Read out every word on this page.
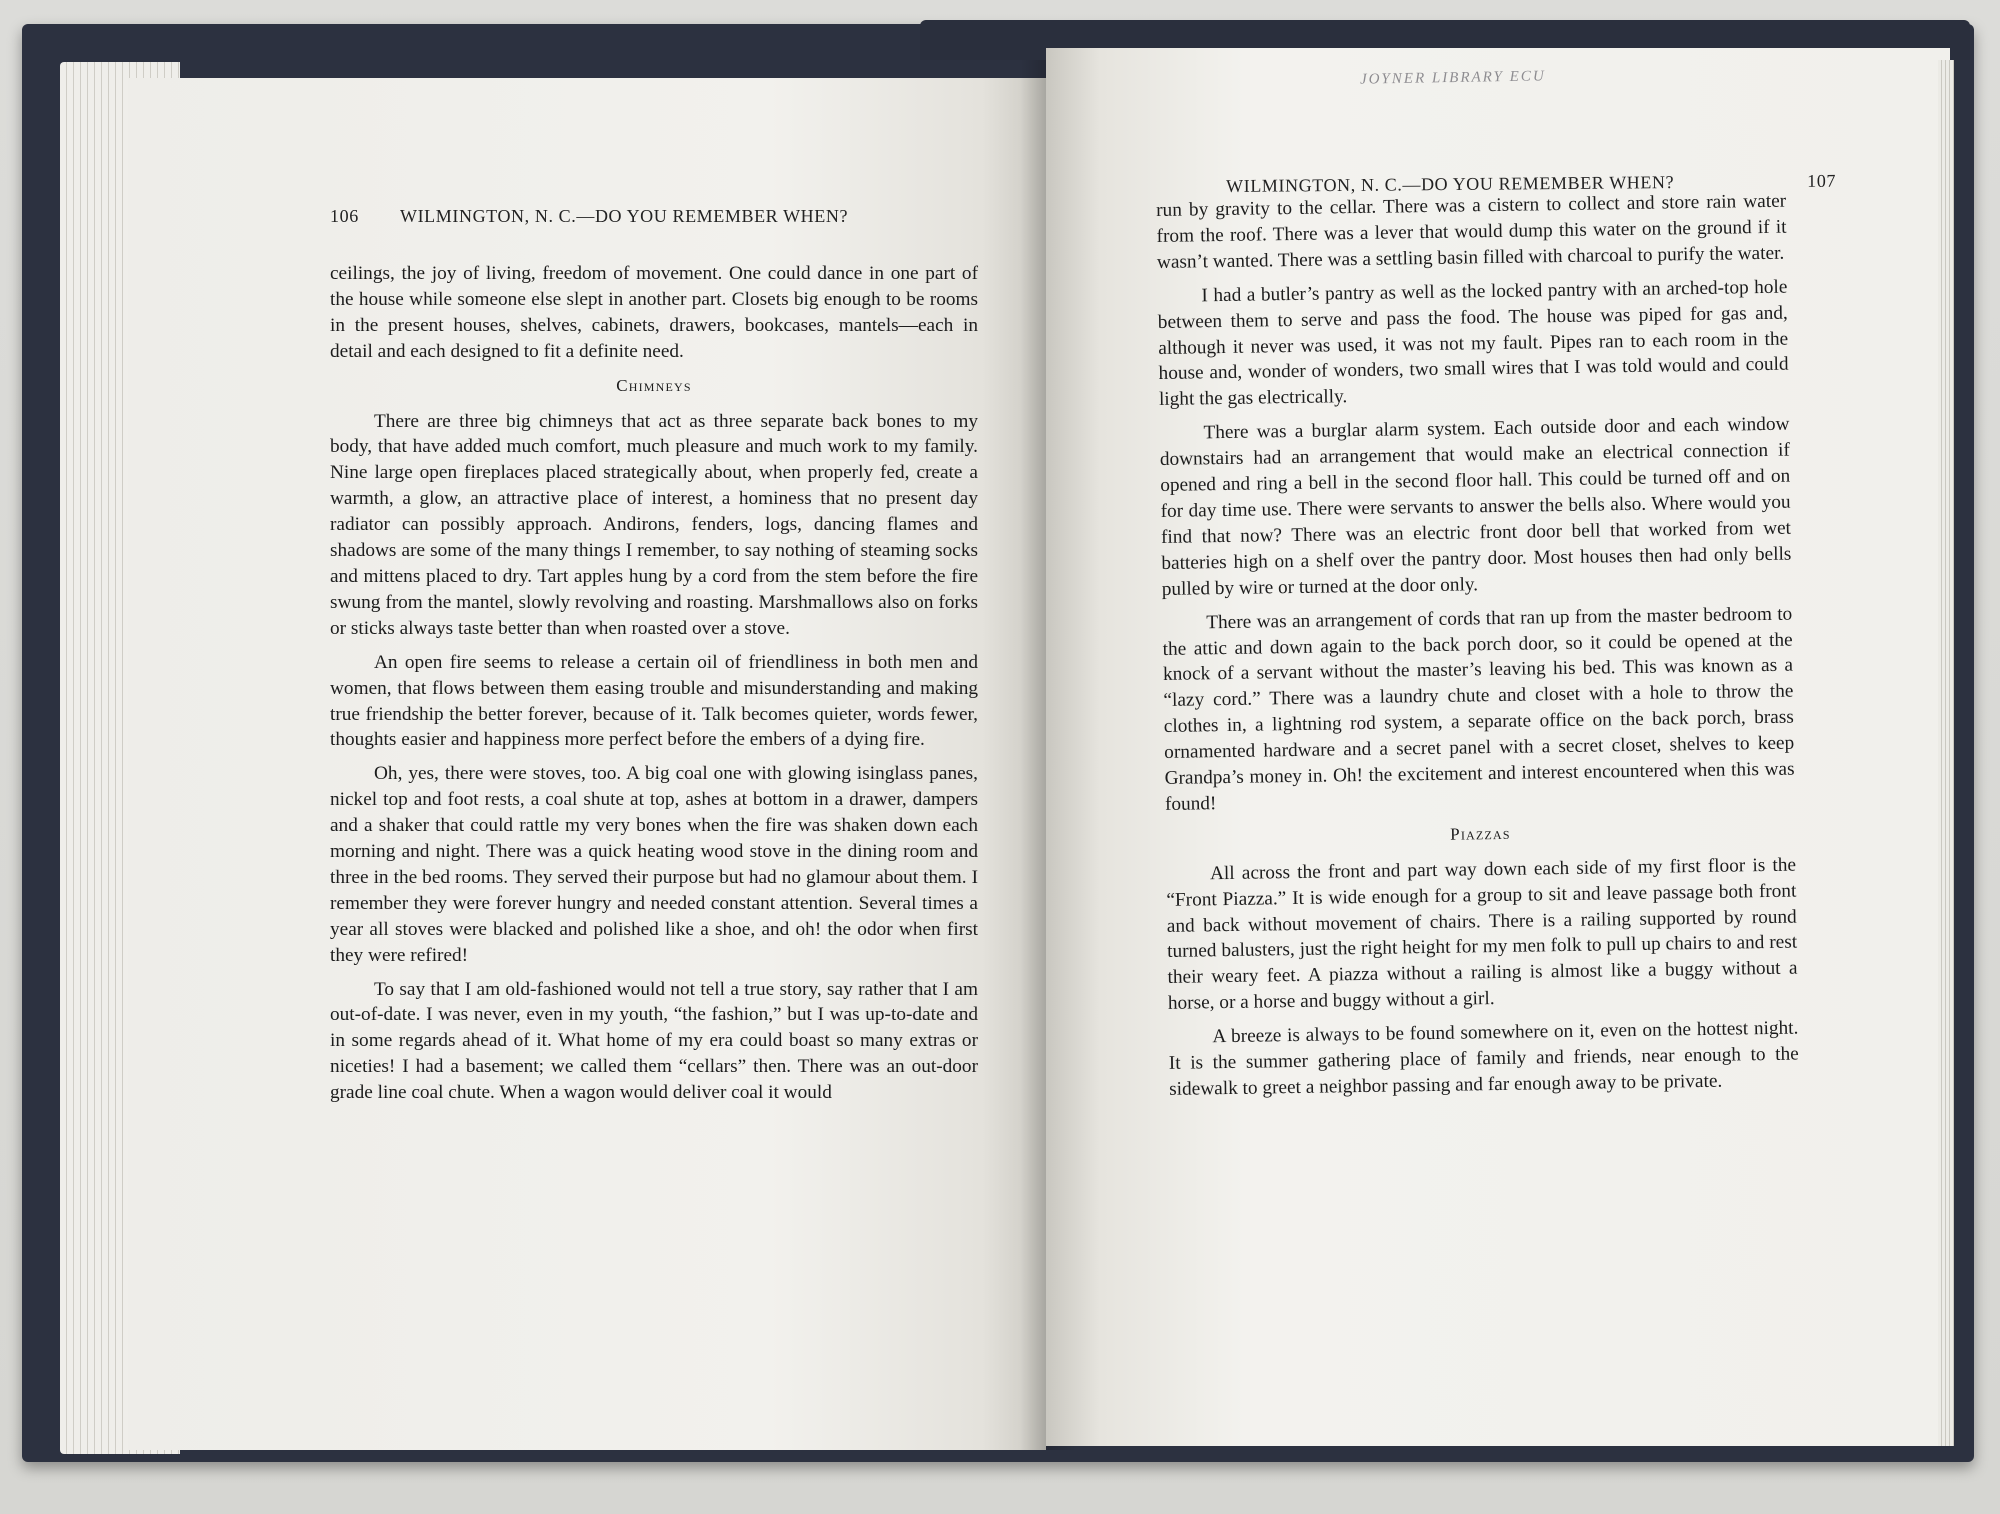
106 WILMINGTON, N. C.—DO YOU REMEMBER WHEN?

ceilings, the joy of living, freedom of movement. One could dance in one part of the house while someone else slept in another part. Closets big enough to be rooms in the present houses, shelves, cabinets, drawers, bookcases, mantels—each in detail and each designed to fit a definite need.

Chimneys

There are three big chimneys that act as three separate back bones to my body, that have added much comfort, much pleasure and much work to my family. Nine large open fireplaces placed strategically about, when properly fed, create a warmth, a glow, an attractive place of interest, a hominess that no present day radiator can possibly approach. Andirons, fenders, logs, dancing flames and shadows are some of the many things I remember, to say nothing of steaming socks and mittens placed to dry. Tart apples hung by a cord from the stem before the fire swung from the mantel, slowly revolving and roasting. Marshmallows also on forks or sticks always taste better than when roasted over a stove.

An open fire seems to release a certain oil of friendliness in both men and women, that flows between them easing trouble and misunderstanding and making true friendship the better forever, because of it. Talk becomes quieter, words fewer, thoughts easier and happiness more perfect before the embers of a dying fire.

Oh, yes, there were stoves, too. A big coal one with glowing isinglass panes, nickel top and foot rests, a coal shute at top, ashes at bottom in a drawer, dampers and a shaker that could rattle my very bones when the fire was shaken down each morning and night. There was a quick heating wood stove in the dining room and three in the bed rooms. They served their purpose but had no glamour about them. I remember they were forever hungry and needed constant attention. Several times a year all stoves were blacked and polished like a shoe, and oh! the odor when first they were refired!

To say that I am old-fashioned would not tell a true story, say rather that I am out-of-date. I was never, even in my youth, “the fashion,” but I was up-to-date and in some regards ahead of it. What home of my era could boast so many extras or niceties! I had a basement; we called them “cellars” then. There was an out-door grade line coal chute. When a wagon would deliver coal it would

WILMINGTON, N. C.—DO YOU REMEMBER WHEN?	107

run by gravity to the cellar. There was a cistern to collect and store rain water from the roof. There was a lever that would dump this water on the ground if it wasn’t wanted. There was a settling basin filled with charcoal to purify the water.

I had a butler’s pantry as well as the locked pantry with an arched-top hole between them to serve and pass the food. The house was piped for gas and, although it never was used, it was not my fault. Pipes ran to each room in the house and, wonder of wonders, two small wires that I was told would and could light the gas electrically.

There was a burglar alarm system. Each outside door and each window downstairs had an arrangement that would make an electrical connection if opened and ring a bell in the second floor hall. This could be turned off and on for day time use. There were servants to answer the bells also. Where would you find that now? There was an electric front door bell that worked from wet batteries high on a shelf over the pantry door. Most houses then had only bells pulled by wire or turned at the door only.

There was an arrangement of cords that ran up from the master bedroom to the attic and down again to the back porch door, so it could be opened at the knock of a servant without the master’s leaving his bed. This was known as a “lazy cord.” There was a laundry chute and closet with a hole to throw the clothes in, a lightning rod system, a separate office on the back porch, brass ornamented hardware and a secret panel with a secret closet, shelves to keep Grandpa’s money in. Oh! the excitement and interest encountered when this was found!

Piazzas

All across the front and part way down each side of my first floor is the “Front Piazza.” It is wide enough for a group to sit and leave passage both front and back without movement of chairs. There is a railing supported by round turned balusters, just the right height for my men folk to pull up chairs to and rest their weary feet. A piazza without a railing is almost like a buggy without a horse, or a horse and buggy without a girl.

A breeze is always to be found somewhere on it, even on the hottest night. It is the summer gathering place of family and friends, near enough to the sidewalk to greet a neighbor passing and far enough away to be private.

JOYNER LIBRARY ECU
